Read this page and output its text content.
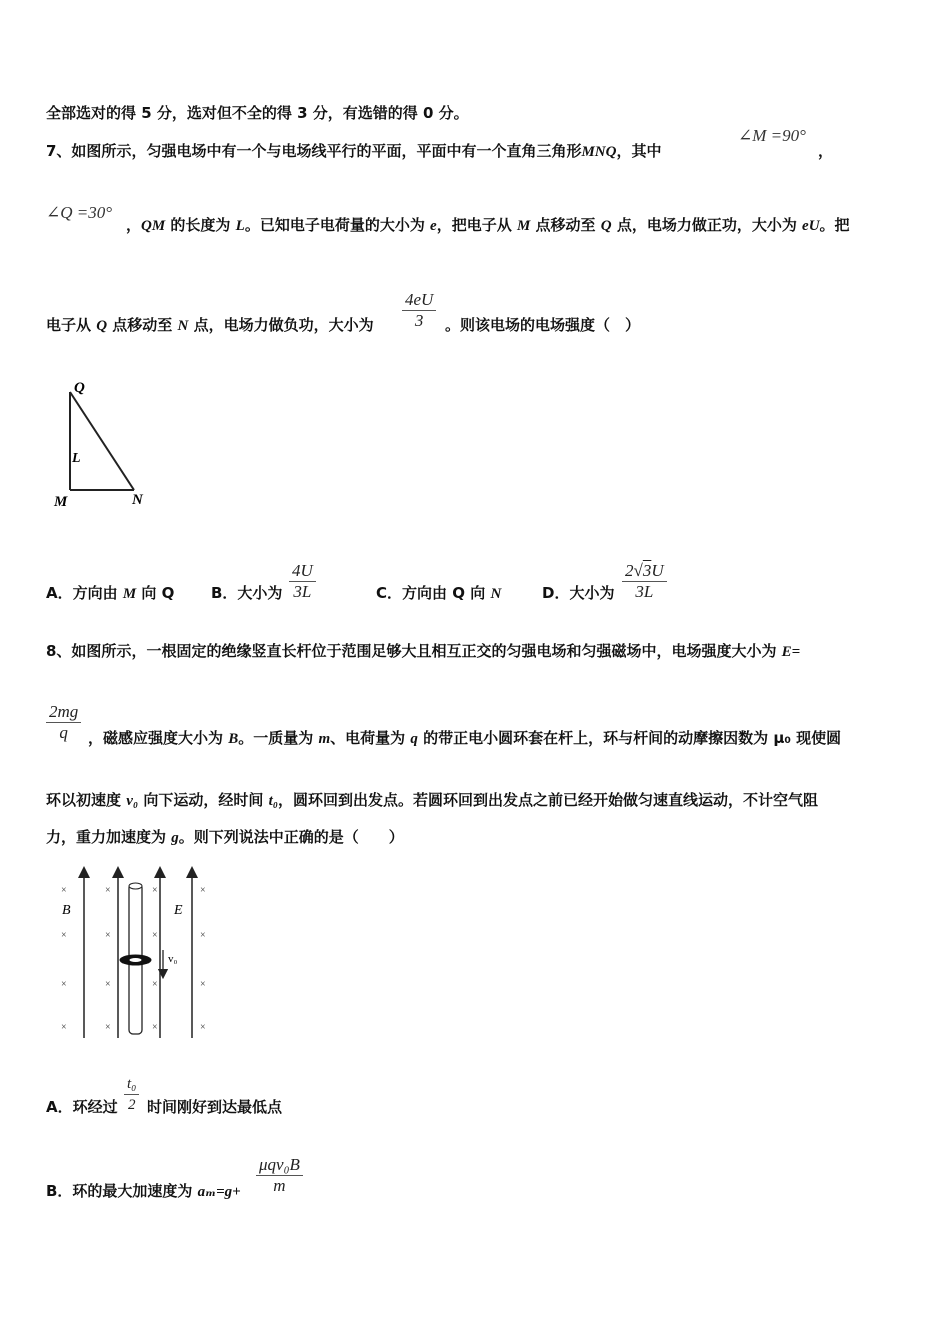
全部选对的得 5 分，选对但不全的得 3 分，有选错的得 0 分。
7、如图所示，匀强电场中有一个与电场线平行的平面，平面中有一个直角三角形MNQ，其中
∠M =90°
，
∠Q =30°
，QM 的长度为 L。已知电子电荷量的大小为 e，把电子从 M 点移动至 Q 点，电场力做正功，大小为 eU。把
电子从 Q 点移动至 N 点，电场力做负功，大小为 $\frac{4eU}{3}$ 。则该电场的电场强度（　）
Q
L
M	N
A．方向由 M 向 Q B．大小为 $\frac{4U}{3L}$	C．方向由 Q 向 N	D．大小为 $\frac{2√3U}{3L}$
8、如图所示，一根固定的绝缘竖直长杆位于范围足够大且相互正交的匀强电场和匀强磁场中，电场强度大小为 E=
$\frac{2mg}{q}$ ，磁感应强度大小为 B。一质量为 m、电荷量为 q 的带正电小圆环套在杆上，环与杆间的动摩擦因数为 μ₀ 现使圆
环以初速度 v₀ 向下运动，经时间 t₀，圆环回到出发点。若圆环回到出发点之前已经开始做匀速直线运动，不计空气阻
力，重力加速度为 g。则下列说法中正确的是（　　）
v₀
B	E
×
×
×
×
×
×
×
×
×
×
×
×
×
×
×
×
A．环经过 $\frac{\text{t₀}}{2}$ 时间刚好到达最低点
B．环的最大加速度为 aₘ=g+
μqv₀B
m
